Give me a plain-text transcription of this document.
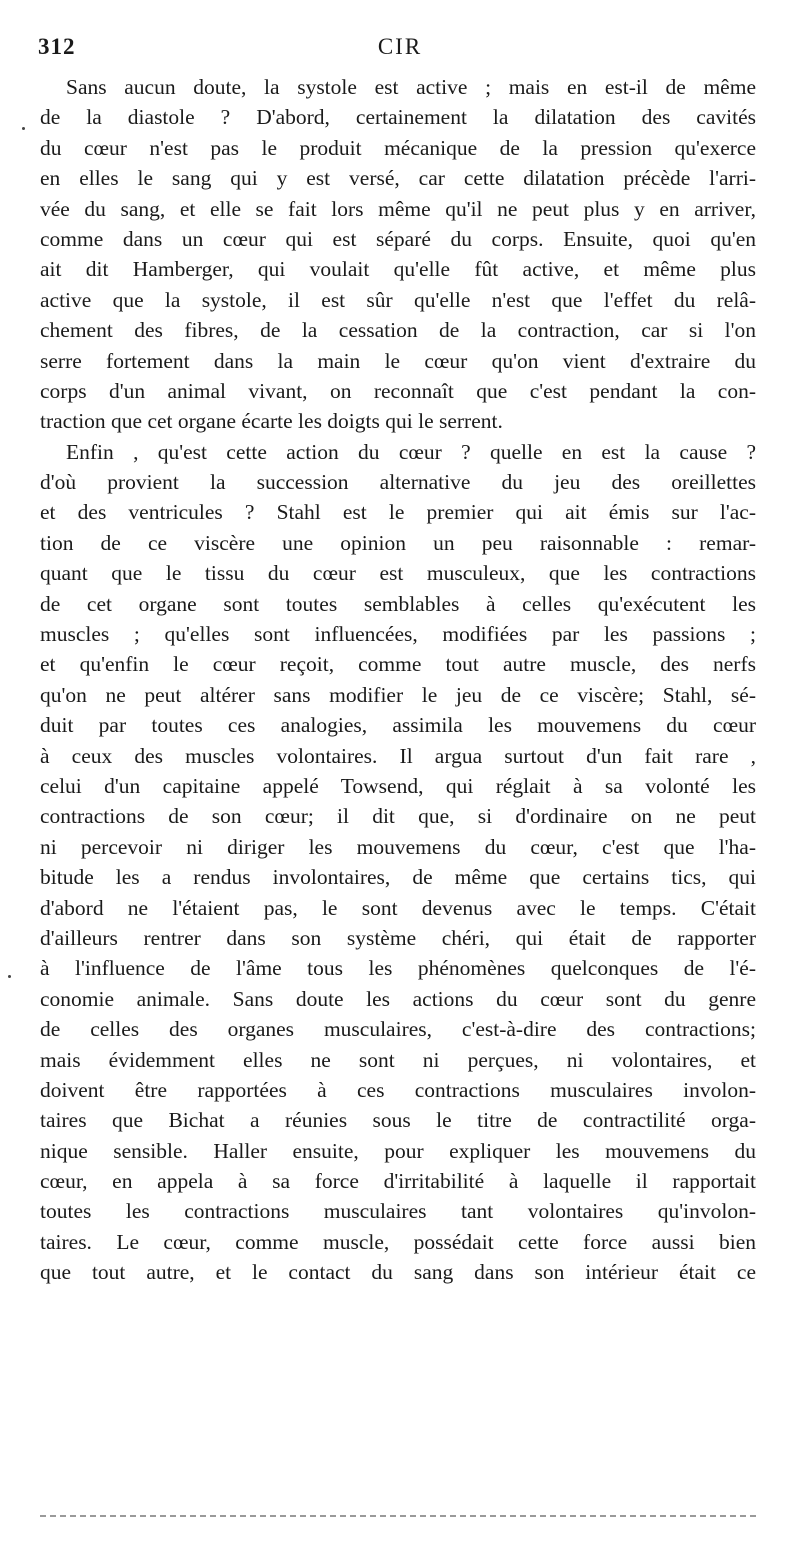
312	CIR
Sans aucun doute, la systole est active ; mais en est-il de même
de la diastole ? D'abord, certainement la dilatation des cavités
du cœur n'est pas le produit mécanique de la pression qu'exerce
en elles le sang qui y est versé, car cette dilatation précède l'arri-
vée du sang, et elle se fait lors même qu'il ne peut plus y en arriver,
comme dans un cœur qui est séparé du corps. Ensuite, quoi qu'en
ait dit Hamberger, qui voulait qu'elle fût active, et même plus
active que la systole, il est sûr qu'elle n'est que l'effet du relâ-
chement des fibres, de la cessation de la contraction, car si l'on
serre fortement dans la main le cœur qu'on vient d'extraire du
corps d'un animal vivant, on reconnaît que c'est pendant la con-
traction que cet organe écarte les doigts qui le serrent.
Enfin , qu'est cette action du cœur ? quelle en est la cause ?
d'où provient la succession alternative du jeu des oreillettes
et des ventricules ? Stahl est le premier qui ait émis sur l'ac-
tion de ce viscère une opinion un peu raisonnable : remar-
quant que le tissu du cœur est musculeux, que les contractions
de cet organe sont toutes semblables à celles qu'exécutent les
muscles ; qu'elles sont influencées, modifiées par les passions ;
et qu'enfin le cœur reçoit, comme tout autre muscle, des nerfs
qu'on ne peut altérer sans modifier le jeu de ce viscère; Stahl, sé-
duit par toutes ces analogies, assimila les mouvemens du cœur
à ceux des muscles volontaires. Il argua surtout d'un fait rare ,
celui d'un capitaine appelé Towsend, qui réglait à sa volonté les
contractions de son cœur; il dit que, si d'ordinaire on ne peut
ni percevoir ni diriger les mouvemens du cœur, c'est que l'ha-
bitude les a rendus involontaires, de même que certains tics, qui
d'abord ne l'étaient pas, le sont devenus avec le temps. C'était
d'ailleurs rentrer dans son système chéri, qui était de rapporter
à l'influence de l'âme tous les phénomènes quelconques de l'é-
conomie animale. Sans doute les actions du cœur sont du genre
de celles des organes musculaires, c'est-à-dire des contractions;
mais évidemment elles ne sont ni perçues, ni volontaires, et
doivent être rapportées à ces contractions musculaires involon-
taires que Bichat a réunies sous le titre de contractilité orga-
nique sensible. Haller ensuite, pour expliquer les mouvemens du
cœur, en appela à sa force d'irritabilité à laquelle il rapportait
toutes les contractions musculaires tant volontaires qu'involon-
taires. Le cœur, comme muscle, possédait cette force aussi bien
que tout autre, et le contact du sang dans son intérieur était ce
